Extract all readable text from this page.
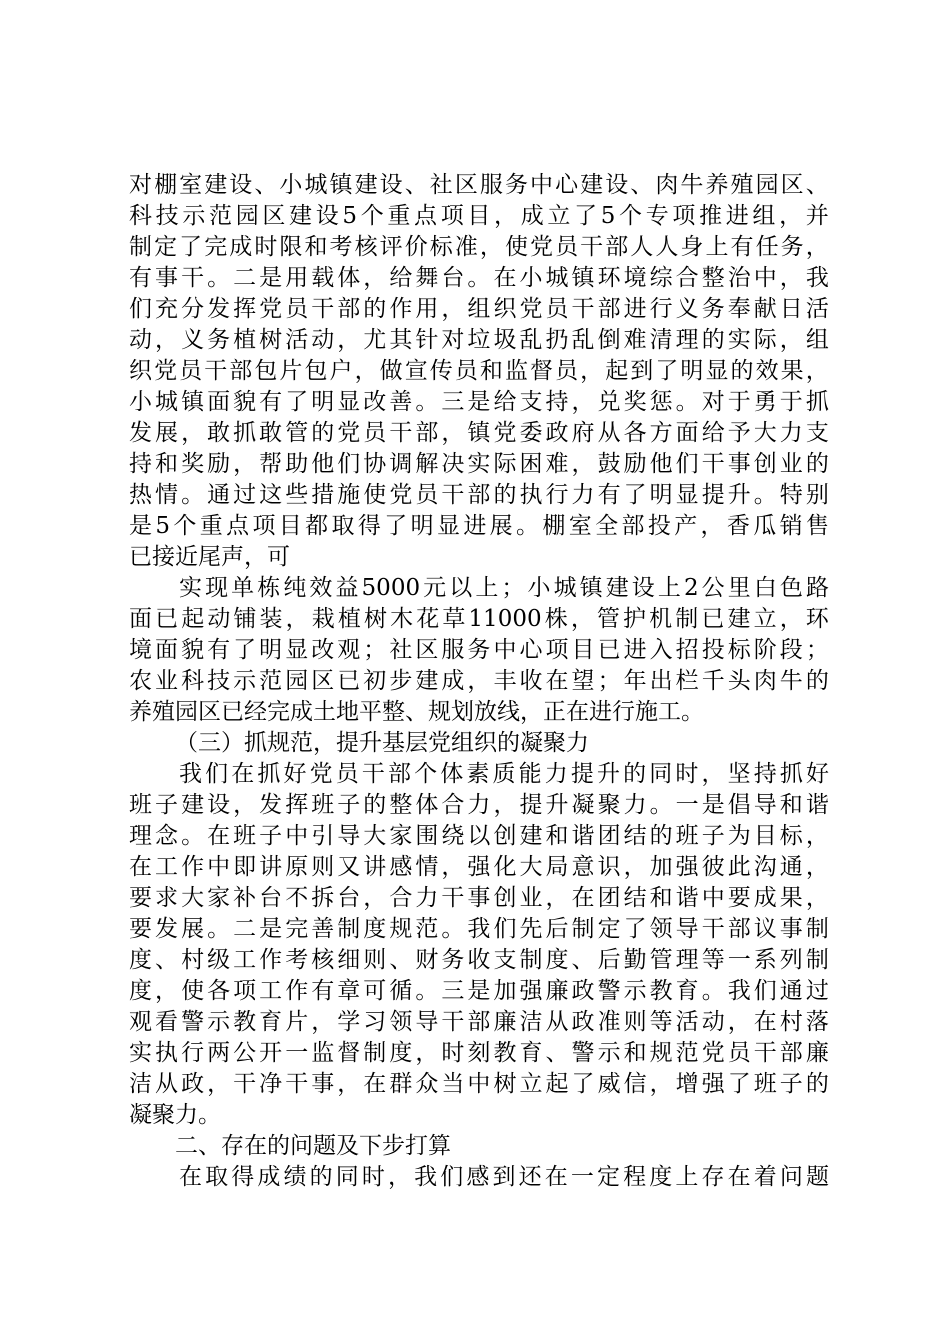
对 棚 室 建 设 、 小 城 镇 建 设 、 社 区 服 务 中 心 建 设 、 肉 牛 养 殖 园 区 、
科 技 示 范 园 区 建 设 5 个 重 点 项 目 ， 成 立 了 5 个 专 项 推 进 组 ， 并
制 定 了 完 成 时 限 和 考 核 评 价 标 准 ， 使 党 员 干 部 人 人 身 上 有 任 务 ，
有 事 干 。 二 是 用 载 体 ， 给 舞 台 。 在 小 城 镇 环 境 综 合 整 治 中 ， 我
们 充 分 发 挥 党 员 干 部 的 作 用 ， 组 织 党 员 干 部 进 行 义 务 奉 献 日 活
动 ， 义 务 植 树 活 动 ， 尤 其 针 对 垃 圾 乱 扔 乱 倒 难 清 理 的 实 际 ， 组
织 党 员 干 部 包 片 包 户 ， 做 宣 传 员 和 监 督 员 ， 起 到 了 明 显 的 效 果 ，
小 城 镇 面 貌 有 了 明 显 改 善 。 三 是 给 支 持 ， 兑 奖 惩 。 对 于 勇 于 抓
发 展 ， 敢 抓 敢 管 的 党 员 干 部 ， 镇 党 委 政 府 从 各 方 面 给 予 大 力 支
持 和 奖 励 ， 帮 助 他 们 协 调 解 决 实 际 困 难 ， 鼓 励 他 们 干 事 创 业 的
热 情 。 通 过 这 些 措 施 使 党 员 干 部 的 执 行 力 有 了 明 显 提 升 。 特 别
是 5 个 重 点 项 目 都 取 得 了 明 显 进 展 。 棚 室 全 部 投 产 ， 香 瓜 销 售
已接近尾声，可
实 现 单 栋 纯 效 益 5000 元 以 上 ； 小 城 镇 建 设 上 2 公 里 白 色 路
面 已 起 动 铺 装 ， 栽 植 树 木 花 草 11000 株 ， 管 护 机 制 已 建 立 ， 环
境 面 貌 有 了 明 显 改 观 ； 社 区 服 务 中 心 项 目 已 进 入 招 投 标 阶 段 ；
农 业 科 技 示 范 园 区 已 初 步 建 成 ， 丰 收 在 望 ； 年 出 栏 千 头 肉 牛 的
养殖园区已经完成土地平整、规划放线，正在进行施工。
（三）抓规范，提升基层党组织的凝聚力
我 们 在 抓 好 党 员 干 部 个 体 素 质 能 力 提 升 的 同 时 ， 坚 持 抓 好
班 子 建 设 ， 发 挥 班 子 的 整 体 合 力 ， 提 升 凝 聚 力 。 一 是 倡 导 和 谐
理 念 。 在 班 子 中 引 导 大 家 围 绕 以 创 建 和 谐 团 结 的 班 子 为 目 标 ，
在 工 作 中 即 讲 原 则 又 讲 感 情 ， 强 化 大 局 意 识 ， 加 强 彼 此 沟 通 ，
要 求 大 家 补 台 不 拆 台 ， 合 力 干 事 创 业 ， 在 团 结 和 谐 中 要 成 果 ，
要 发 展 。 二 是 完 善 制 度 规 范 。 我 们 先 后 制 定 了 领 导 干 部 议 事 制
度 、 村 级 工 作 考 核 细 则 、 财 务 收 支 制 度 、 后 勤 管 理 等 一 系 列 制
度 ， 使 各 项 工 作 有 章 可 循 。 三 是 加 强 廉 政 警 示 教 育 。 我 们 通 过
观 看 警 示 教 育 片 ， 学 习 领 导 干 部 廉 洁 从 政 准 则 等 活 动 ， 在 村 落
实 执 行 两 公 开 一 监 督 制 度 ， 时 刻 教 育 、 警 示 和 规 范 党 员 干 部 廉
洁 从 政 ， 干 净 干 事 ， 在 群 众 当 中 树 立 起 了 威 信 ， 增 强 了 班 子 的
凝聚力。
二、存在的问题及下步打算
在 取 得 成 绩 的 同 时 ， 我 们 感 到 还 在 一 定 程 度 上 存 在 着 问 题
